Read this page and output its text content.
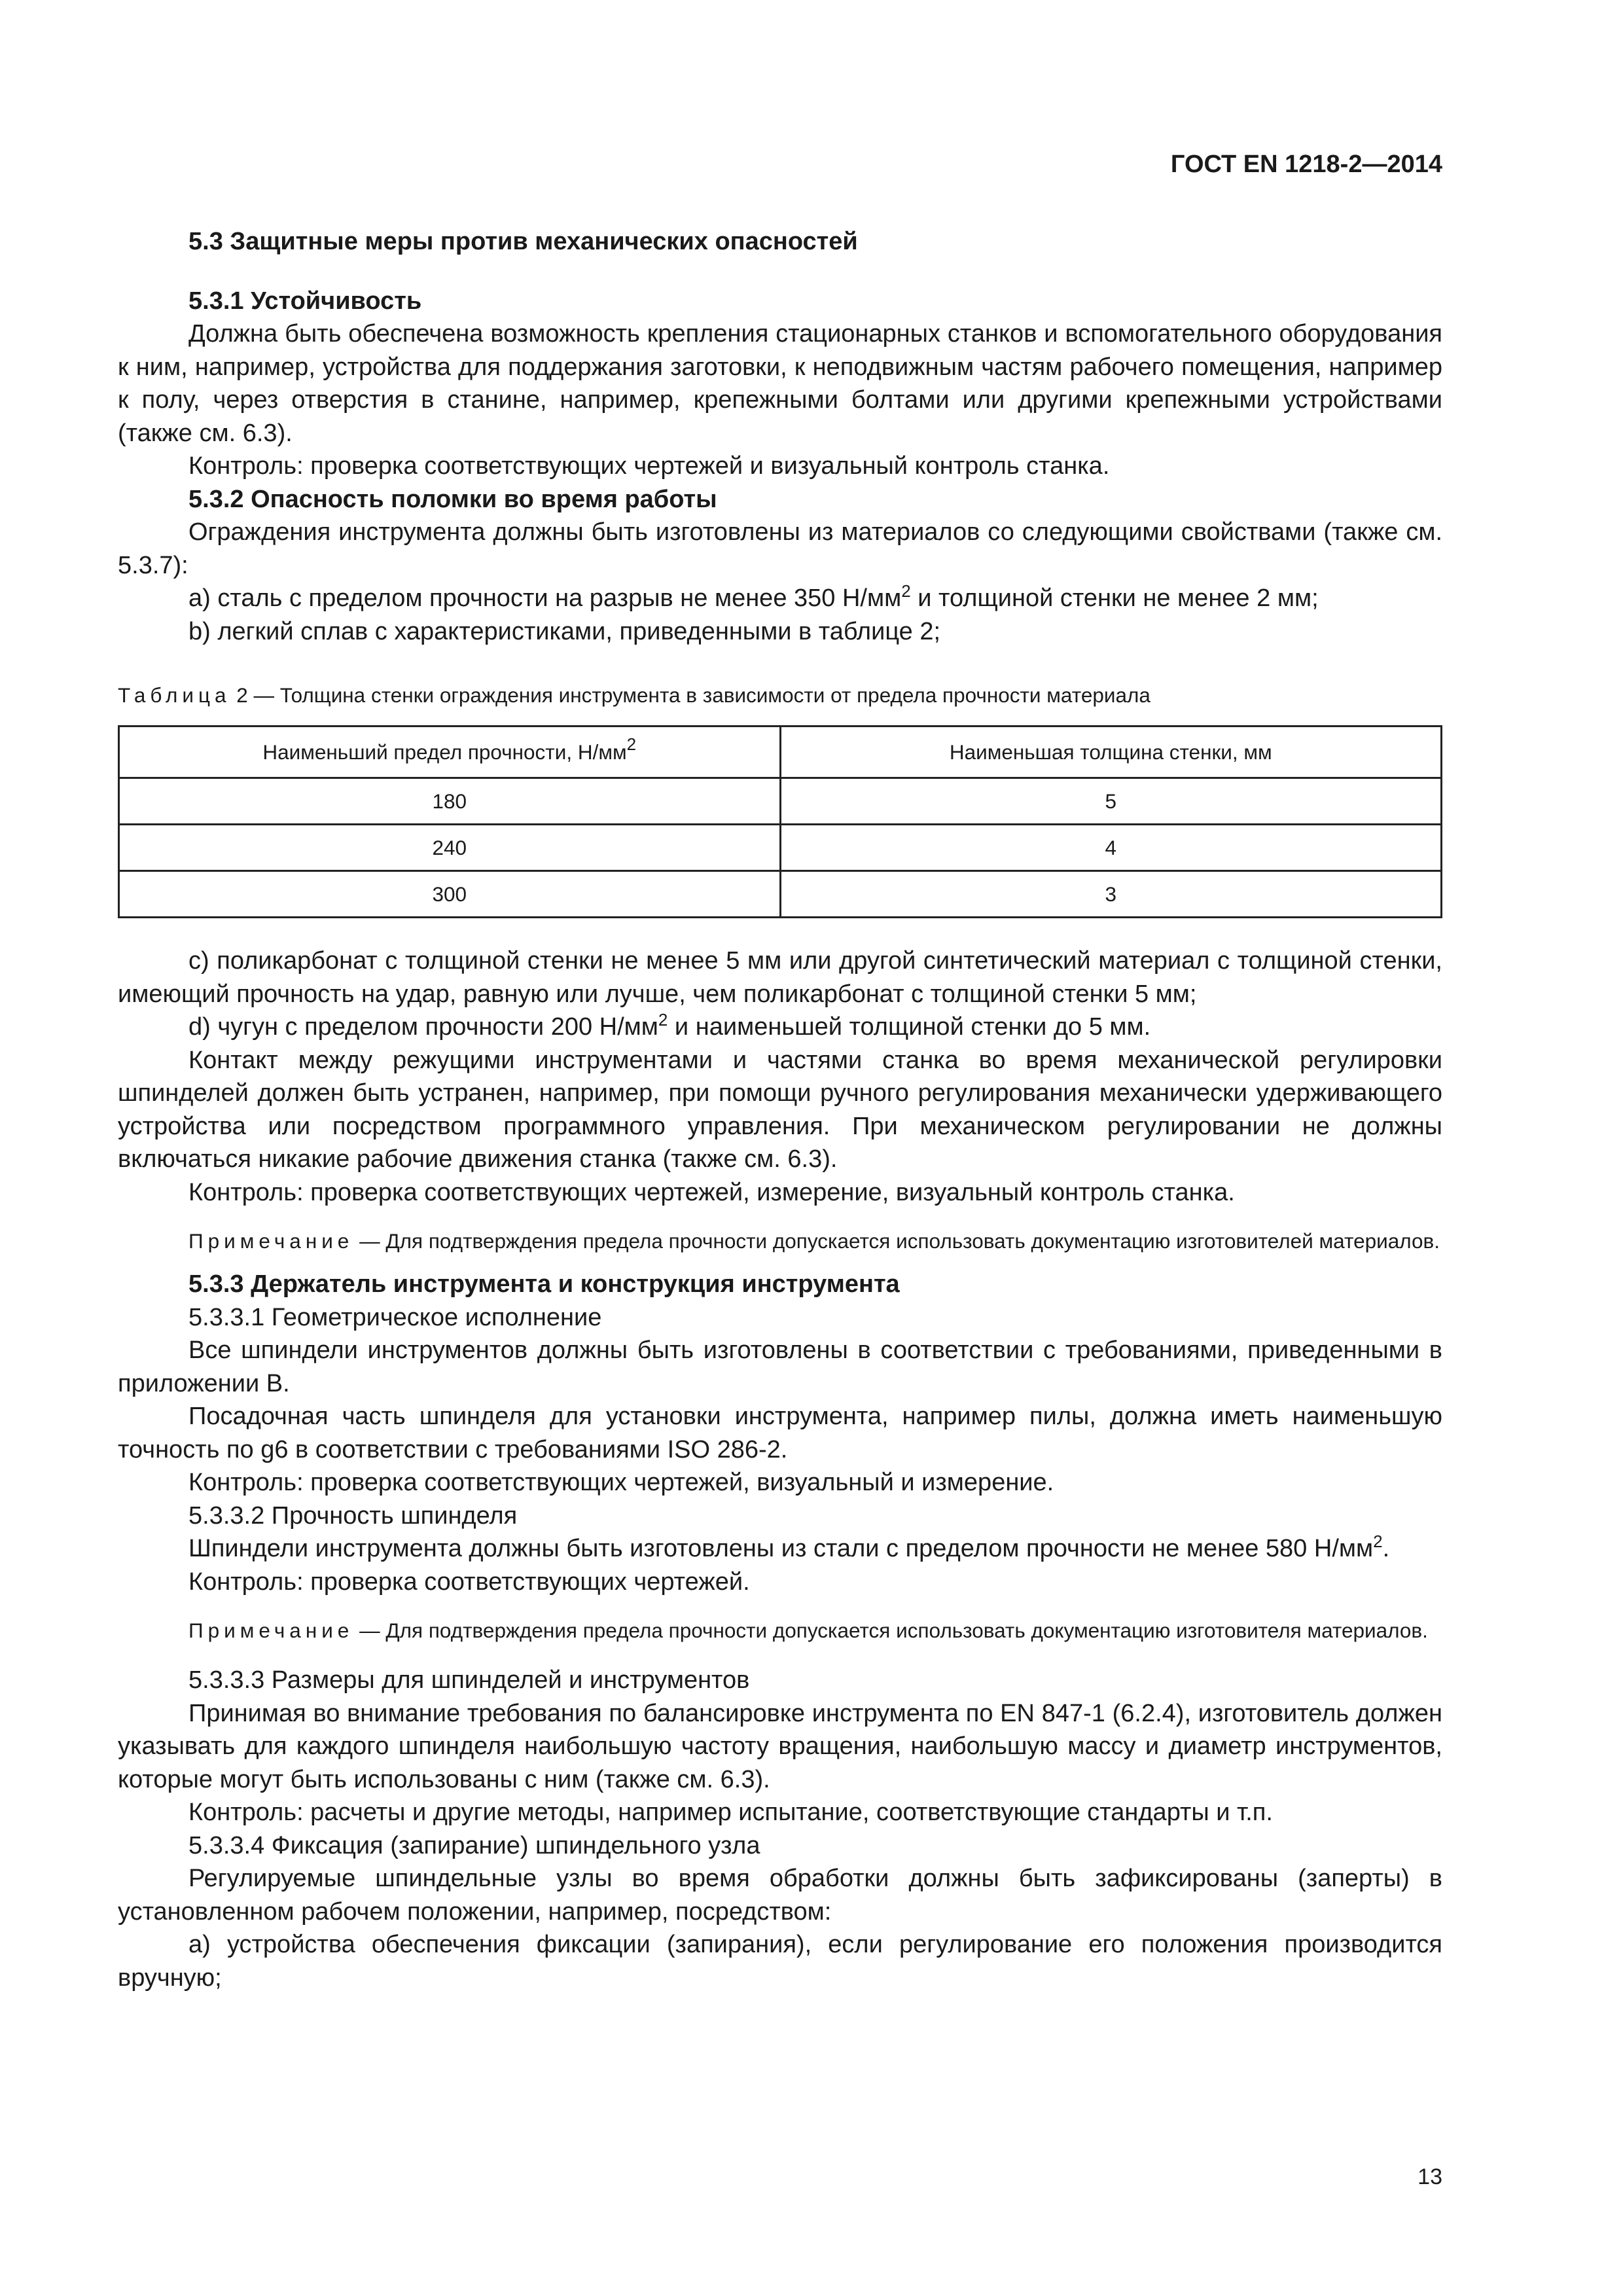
ГОСТ EN 1218-2—2014

5.3 Защитные меры против механических опасностей

5.3.1 Устойчивость

Должна быть обеспечена возможность крепления стационарных станков и вспомогательного оборудования к ним, например, устройства для поддержания заготовки, к неподвижным частям рабочего помещения, например к полу, через отверстия в станине, например, крепежными болтами или другими крепежными устройствами (также см. 6.3).

Контроль: проверка соответствующих чертежей и визуальный контроль станка.

5.3.2 Опасность поломки во время работы

Ограждения инструмента должны быть изготовлены из материалов со следующими свойствами (также см. 5.3.7):

а) сталь с пределом прочности на разрыв не менее 350 $Н/мм^2$ и толщиной стенки не менее 2 мм;

b) легкий сплав с характеристиками, приведенными в таблице 2;

Таблица 2 — Толщина стенки ограждения инструмента в зависимости от предела прочности материала

Наименьший предел прочности, $Н/мм^2$	Наименьшая толщина стенки, мм
180	5
240	4
300	3

с) поликарбонат с толщиной стенки не менее 5 мм или другой синтетический материал с толщиной стенки, имеющий прочность на удар, равную или лучше, чем поликарбонат с толщиной стенки 5 мм;

d) чугун с пределом прочности 200 $Н/мм^2$ и наименьшей толщиной стенки до 5 мм.

Контакт между режущими инструментами и частями станка во время механической регулировки шпинделей должен быть устранен, например, при помощи ручного регулирования механически удерживающего устройства или посредством программного управления. При механическом регулировании не должны включаться никакие рабочие движения станка (также см. 6.3).

Контроль: проверка соответствующих чертежей, измерение, визуальный контроль станка.

Примечание — Для подтверждения предела прочности допускается использовать документацию изготовителей материалов.

5.3.3 Держатель инструмента и конструкция инструмента

5.3.3.1 Геометрическое исполнение

Все шпиндели инструментов должны быть изготовлены в соответствии с требованиями, приведенными в приложении В.

Посадочная часть шпинделя для установки инструмента, например пилы, должна иметь наименьшую точность по g6 в соответствии с требованиями ISO 286-2.

Контроль: проверка соответствующих чертежей, визуальный и измерение.

5.3.3.2 Прочность шпинделя

Шпиндели инструмента должны быть изготовлены из стали с пределом прочности не менее 580 $Н/мм^2$.

Контроль: проверка соответствующих чертежей.

Примечание — Для подтверждения предела прочности допускается использовать документацию изготовителя материалов.

5.3.3.3 Размеры для шпинделей и инструментов

Принимая во внимание требования по балансировке инструмента по EN 847-1 (6.2.4), изготовитель должен указывать для каждого шпинделя наибольшую частоту вращения, наибольшую массу и диаметр инструментов, которые могут быть использованы с ним (также см. 6.3).

Контроль: расчеты и другие методы, например испытание, соответствующие стандарты и т.п.

5.3.3.4 Фиксация (запирание) шпиндельного узла

Регулируемые шпиндельные узлы во время обработки должны быть зафиксированы (заперты) в установленном рабочем положении, например, посредством:

а) устройства обеспечения фиксации (запирания), если регулирование его положения производится вручную;

13
